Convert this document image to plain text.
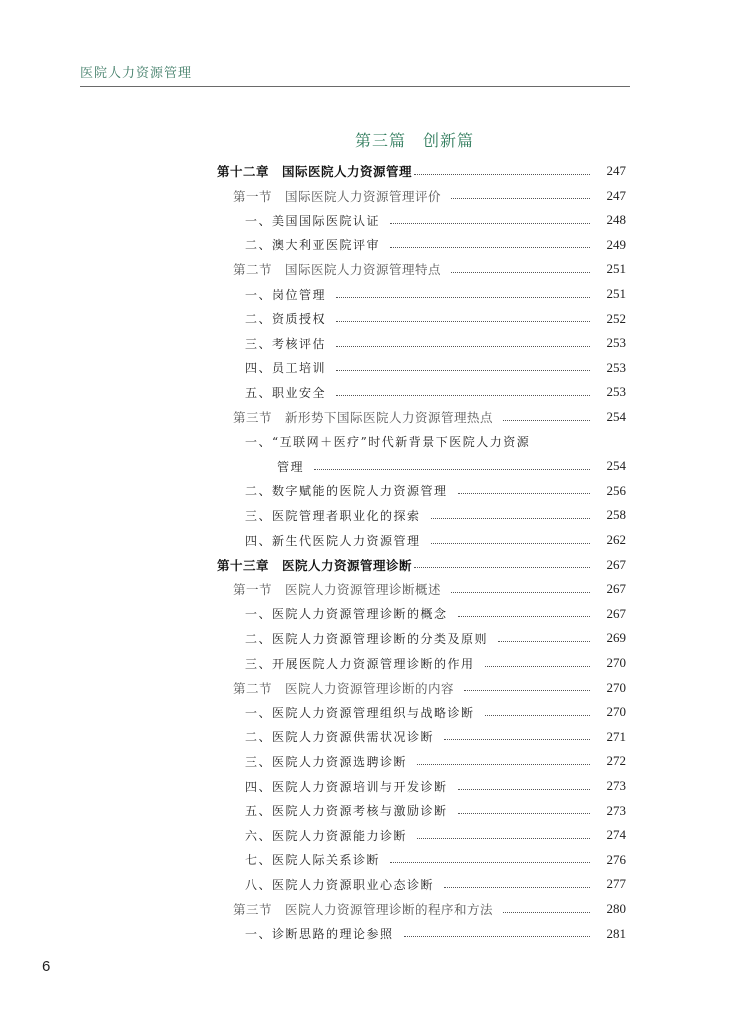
医院人力资源管理
第三篇　创新篇
第十二章　国际医院人力资源管理	247
第一节　国际医院人力资源管理评价	247
一、美国国际医院认证	248
二、澳大利亚医院评审	249
第二节　国际医院人力资源管理特点	251
一、岗位管理	251
二、资质授权	252
三、考核评估	253
四、员工培训	253
五、职业安全	253
第三节　新形势下国际医院人力资源管理热点	254
一、“互联网＋医疗”时代新背景下医院人力资源
管理	254
二、数字赋能的医院人力资源管理	256
三、医院管理者职业化的探索	258
四、新生代医院人力资源管理	262
第十三章　医院人力资源管理诊断	267
第一节　医院人力资源管理诊断概述	267
一、医院人力资源管理诊断的概念	267
二、医院人力资源管理诊断的分类及原则	269
三、开展医院人力资源管理诊断的作用	270
第二节　医院人力资源管理诊断的内容	270
一、医院人力资源管理组织与战略诊断	270
二、医院人力资源供需状况诊断	271
三、医院人力资源选聘诊断	272
四、医院人力资源培训与开发诊断	273
五、医院人力资源考核与激励诊断	273
六、医院人力资源能力诊断	274
七、医院人际关系诊断	276
八、医院人力资源职业心态诊断	277
第三节　医院人力资源管理诊断的程序和方法	280
一、诊断思路的理论参照	281
6
